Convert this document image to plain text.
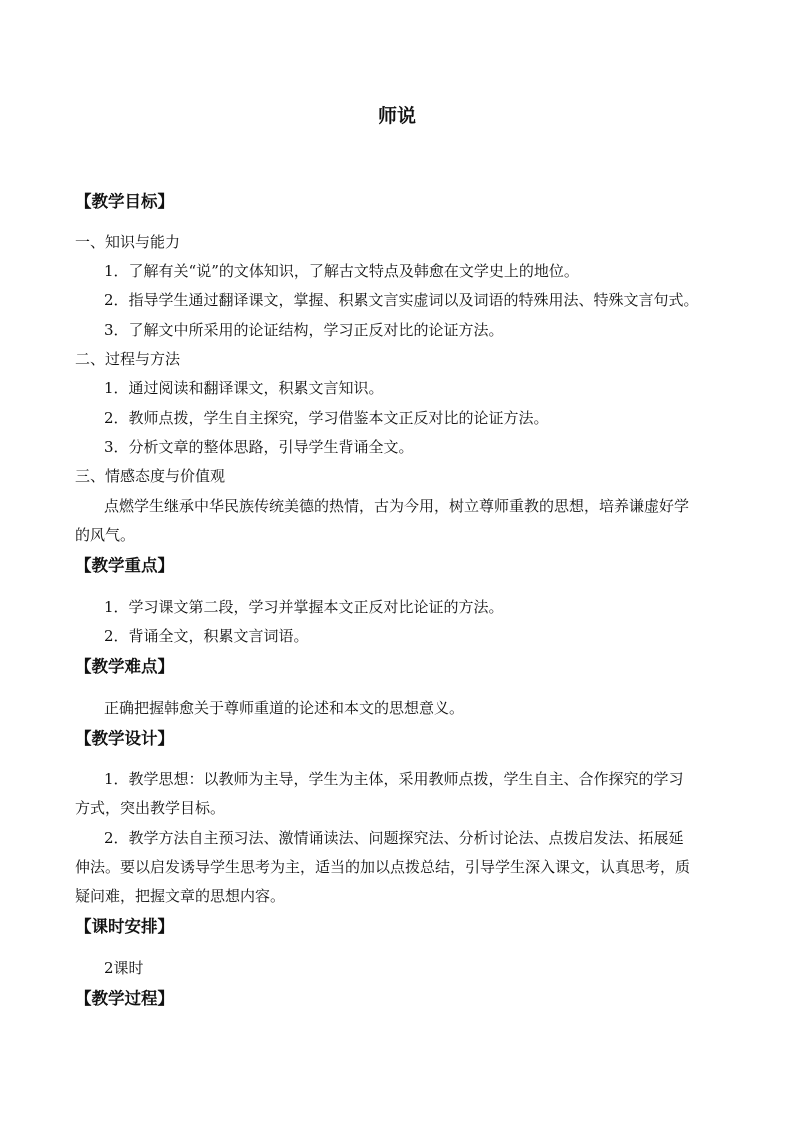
师说
【教学目标】
一、知识与能力
1．了解有关“说”的文体知识，了解古文特点及韩愈在文学史上的地位。
2．指导学生通过翻译课文，掌握、积累文言实虚词以及词语的特殊用法、特殊文言句式。
3．了解文中所采用的论证结构，学习正反对比的论证方法。
二、过程与方法
1．通过阅读和翻译课文，积累文言知识。
2．教师点拨，学生自主探究，学习借鉴本文正反对比的论证方法。
3．分析文章的整体思路，引导学生背诵全文。
三、情感态度与价值观
点燃学生继承中华民族传统美德的热情，古为今用，树立尊师重教的思想，培养谦虚好学
的风气。
【教学重点】
1．学习课文第二段，学习并掌握本文正反对比论证的方法。
2．背诵全文，积累文言词语。
【教学难点】
正确把握韩愈关于尊师重道的论述和本文的思想意义。
【教学设计】
1．教学思想：以教师为主导，学生为主体，采用教师点拨，学生自主、合作探究的学习
方式，突出教学目标。
2．教学方法自主预习法、激情诵读法、问题探究法、分析讨论法、点拨启发法、拓展延
伸法。要以启发诱导学生思考为主，适当的加以点拨总结，引导学生深入课文，认真思考，质
疑问难，把握文章的思想内容。
【课时安排】
2课时
【教学过程】
